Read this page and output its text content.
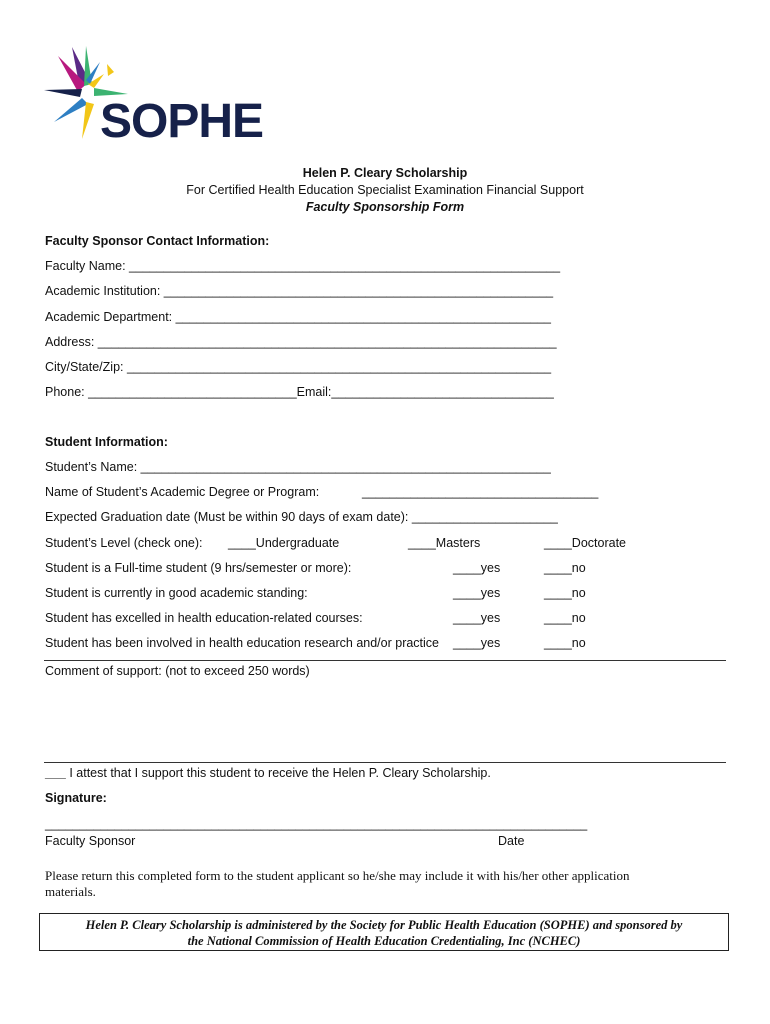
SOPHE
Helen P. Cleary Scholarship
For Certified Health Education Specialist Examination Financial Support
Faculty Sponsorship Form
Faculty Sponsor Contact Information:
Faculty Name: ______________________________________________________________
Academic Institution: ________________________________________________________
Academic Department: ______________________________________________________
Address: __________________________________________________________________
City/State/Zip: _____________________________________________________________
Phone: ______________________________Email:________________________________
Student Information:
Student’s Name: ___________________________________________________________
Name of Student’s Academic Degree or Program:	__________________________________
Expected Graduation date (Must be within 90 days of exam date): _____________________
Student’s Level (check one): ____Undergraduate	____Masters	____Doctorate
Student is a Full-time student (9 hrs/semester or more):	____yes	____no
Student is currently in good academic standing:	____yes	____no
Student has excelled in health education-related courses:	____yes	____no
Student has been involved in health education research and/or practice ____yes	____no
Comment of support: (not to exceed 250 words)
___ I attest that I support this student to receive the Helen P. Cleary Scholarship.
Signature:
______________________________________________________________________________
Faculty Sponsor	Date
Please return this completed form to the student applicant so he/she may include it with his/her other application
materials.
Helen P. Cleary Scholarship is administered by the Society for Public Health Education (SOPHE) and sponsored by
the National Commission of Health Education Credentialing, Inc (NCHEC)
